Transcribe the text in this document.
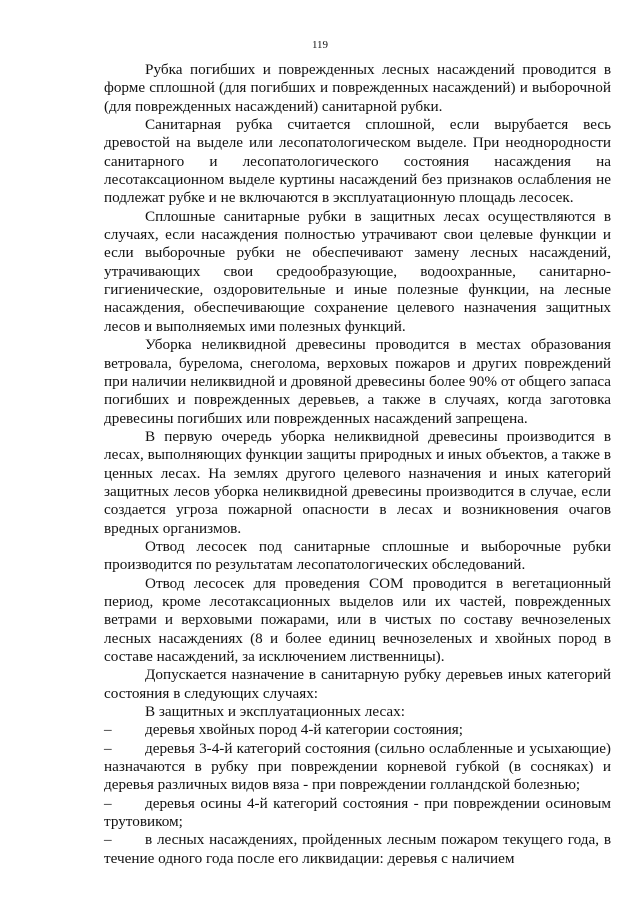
119

Рубка погибших и поврежденных лесных насаждений проводится в форме сплошной (для погибших и поврежденных насаждений) и выборочной (для поврежденных насаждений) санитарной рубки.

Санитарная рубка считается сплошной, если вырубается весь древостой на выделе или лесопатологическом выделе. При неоднородности санитарного и лесопатологического состояния насаждения на лесотаксационном выделе куртины насаждений без признаков ослабления не подлежат рубке и не включаются в эксплуатационную площадь лесосек.

Сплошные санитарные рубки в защитных лесах осуществляются в случаях, если насаждения полностью утрачивают свои целевые функции и если выборочные рубки не обеспечивают замену лесных насаждений, утрачивающих свои средообразующие, водоохранные, санитарно-гигиенические, оздоровительные и иные полезные функции, на лесные насаждения, обеспечивающие сохранение целевого назначения защитных лесов и выполняемых ими полезных функций.

Уборка неликвидной древесины проводится в местах образования ветровала, бурелома, снеголома, верховых пожаров и других повреждений при наличии неликвидной и дровяной древесины более 90% от общего запаса погибших и поврежденных деревьев, а также в случаях, когда заготовка древесины погибших или поврежденных насаждений запрещена.

В первую очередь уборка неликвидной древесины производится в лесах, выполняющих функции защиты природных и иных объектов, а также в ценных лесах. На землях другого целевого назначения и иных категорий защитных лесов уборка неликвидной древесины производится в случае, если создается угроза пожарной опасности в лесах и возникновения очагов вредных организмов.

Отвод лесосек под санитарные сплошные и выборочные рубки производится по результатам лесопатологических обследований.

Отвод лесосек для проведения СОМ проводится в вегетационный период, кроме лесотаксационных выделов или их частей, поврежденных ветрами и верховыми пожарами, или в чистых по составу вечнозеленых лесных насаждениях (8 и более единиц вечнозеленых и хвойных пород в составе насаждений, за исключением лиственницы).

Допускается назначение в санитарную рубку деревьев иных категорий состояния в следующих случаях:

В защитных и эксплуатационных лесах:

– деревья хвойных пород 4-й категории состояния;

– деревья 3-4-й категорий состояния (сильно ослабленные и усыхающие) назначаются в рубку при повреждении корневой губкой (в сосняках) и деревья различных видов вяза - при повреждении голландской болезнью;

– деревья осины 4-й категорий состояния - при повреждении осиновым трутовиком;

– в лесных насаждениях, пройденных лесным пожаром текущего года, в течение одного года после его ликвидации: деревья с наличием
